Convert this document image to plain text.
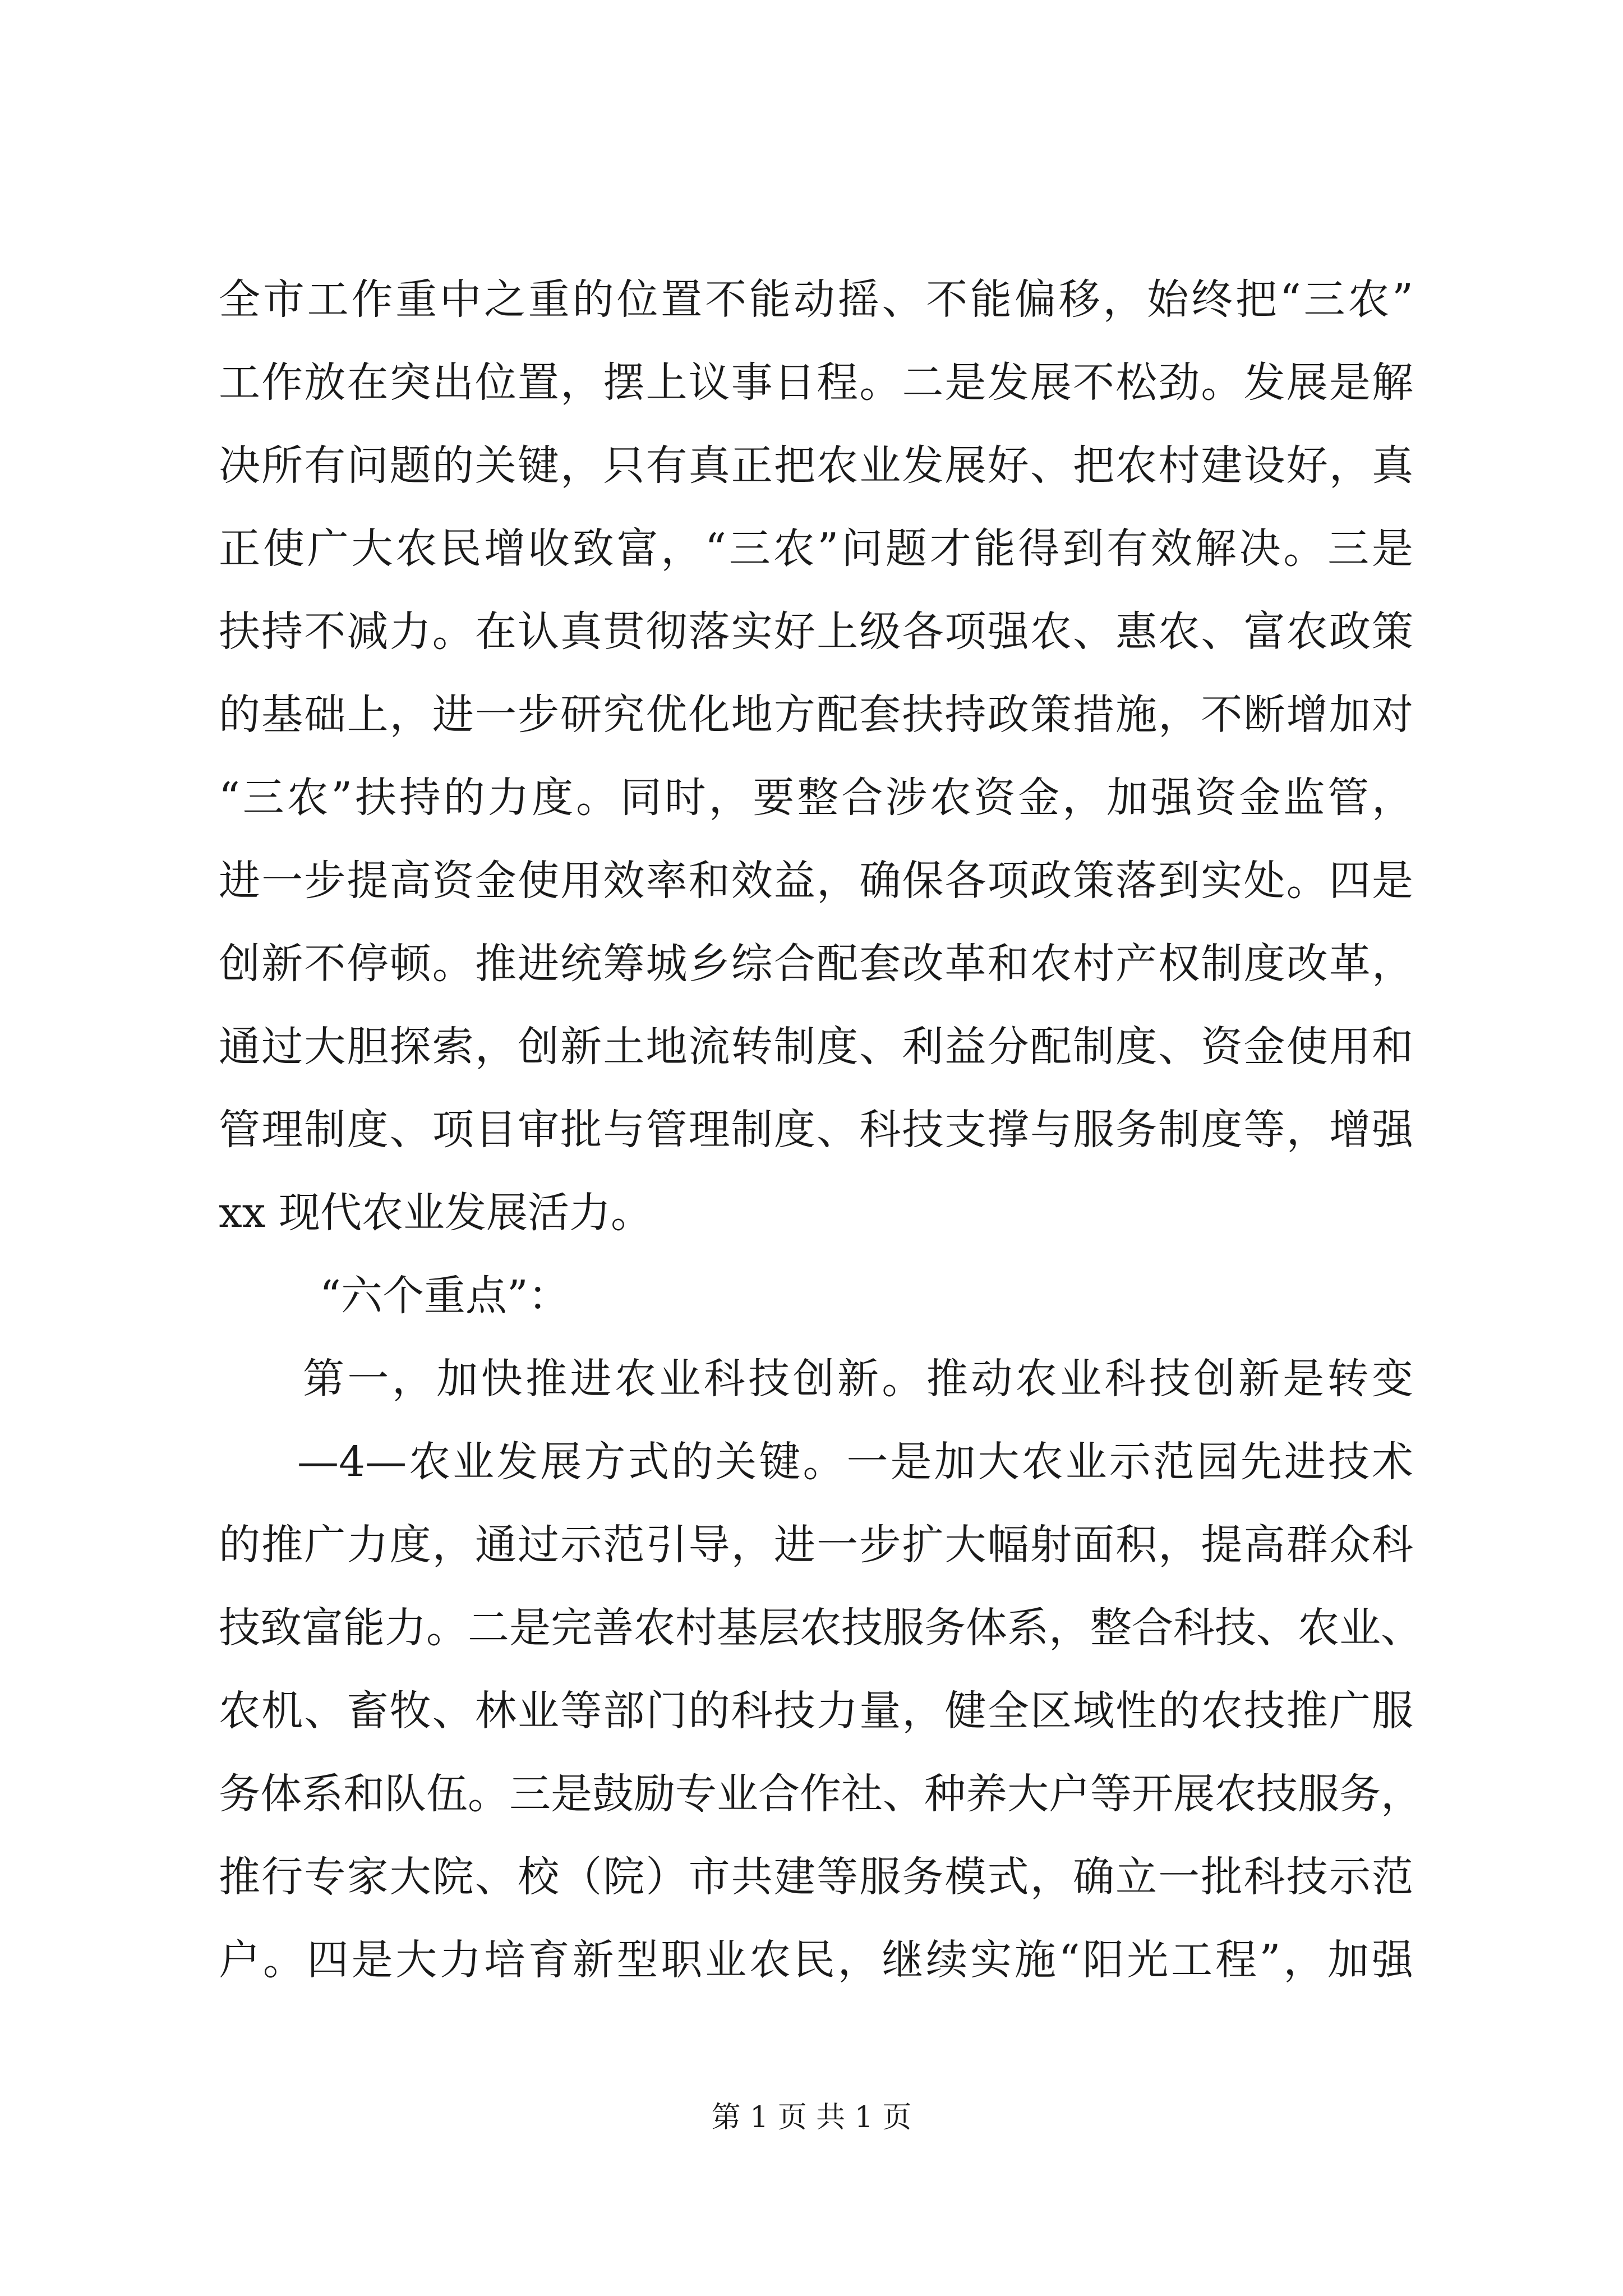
全市工作重中之重的位置不能动摇、不能偏移，始终把“三农”
工作放在突出位置，摆上议事日程。二是发展不松劲。发展是解
决所有问题的关键，只有真正把农业发展好、把农村建设好，真
正使广大农民增收致富，“三农”问题才能得到有效解决。三是
扶持不减力。在认真贯彻落实好上级各项强农、惠农、富农政策
的基础上，进一步研究优化地方配套扶持政策措施，不断增加对
“三农”扶持的力度。同时，要整合涉农资金，加强资金监管，
进一步提高资金使用效率和效益，确保各项政策落到实处。四是
创新不停顿。推进统筹城乡综合配套改革和农村产权制度改革，
通过大胆探索，创新土地流转制度、利益分配制度、资金使用和
管理制度、项目审批与管理制度、科技支撑与服务制度等，增强
xx 现代农业发展活力。
“六个重点”：
第一，加快推进农业科技创新。推动农业科技创新是转变
—4—农业发展方式的关键。一是加大农业示范园先进技术
的推广力度，通过示范引导，进一步扩大幅射面积，提高群众科
技致富能力。二是完善农村基层农技服务体系，整合科技、农业、
农机、畜牧、林业等部门的科技力量，健全区域性的农技推广服
务体系和队伍。三是鼓励专业合作社、种养大户等开展农技服务，
推行专家大院、校（院）市共建等服务模式，确立一批科技示范
户。四是大力培育新型职业农民，继续实施“阳光工程”，加强
第 1 页 共 1 页
